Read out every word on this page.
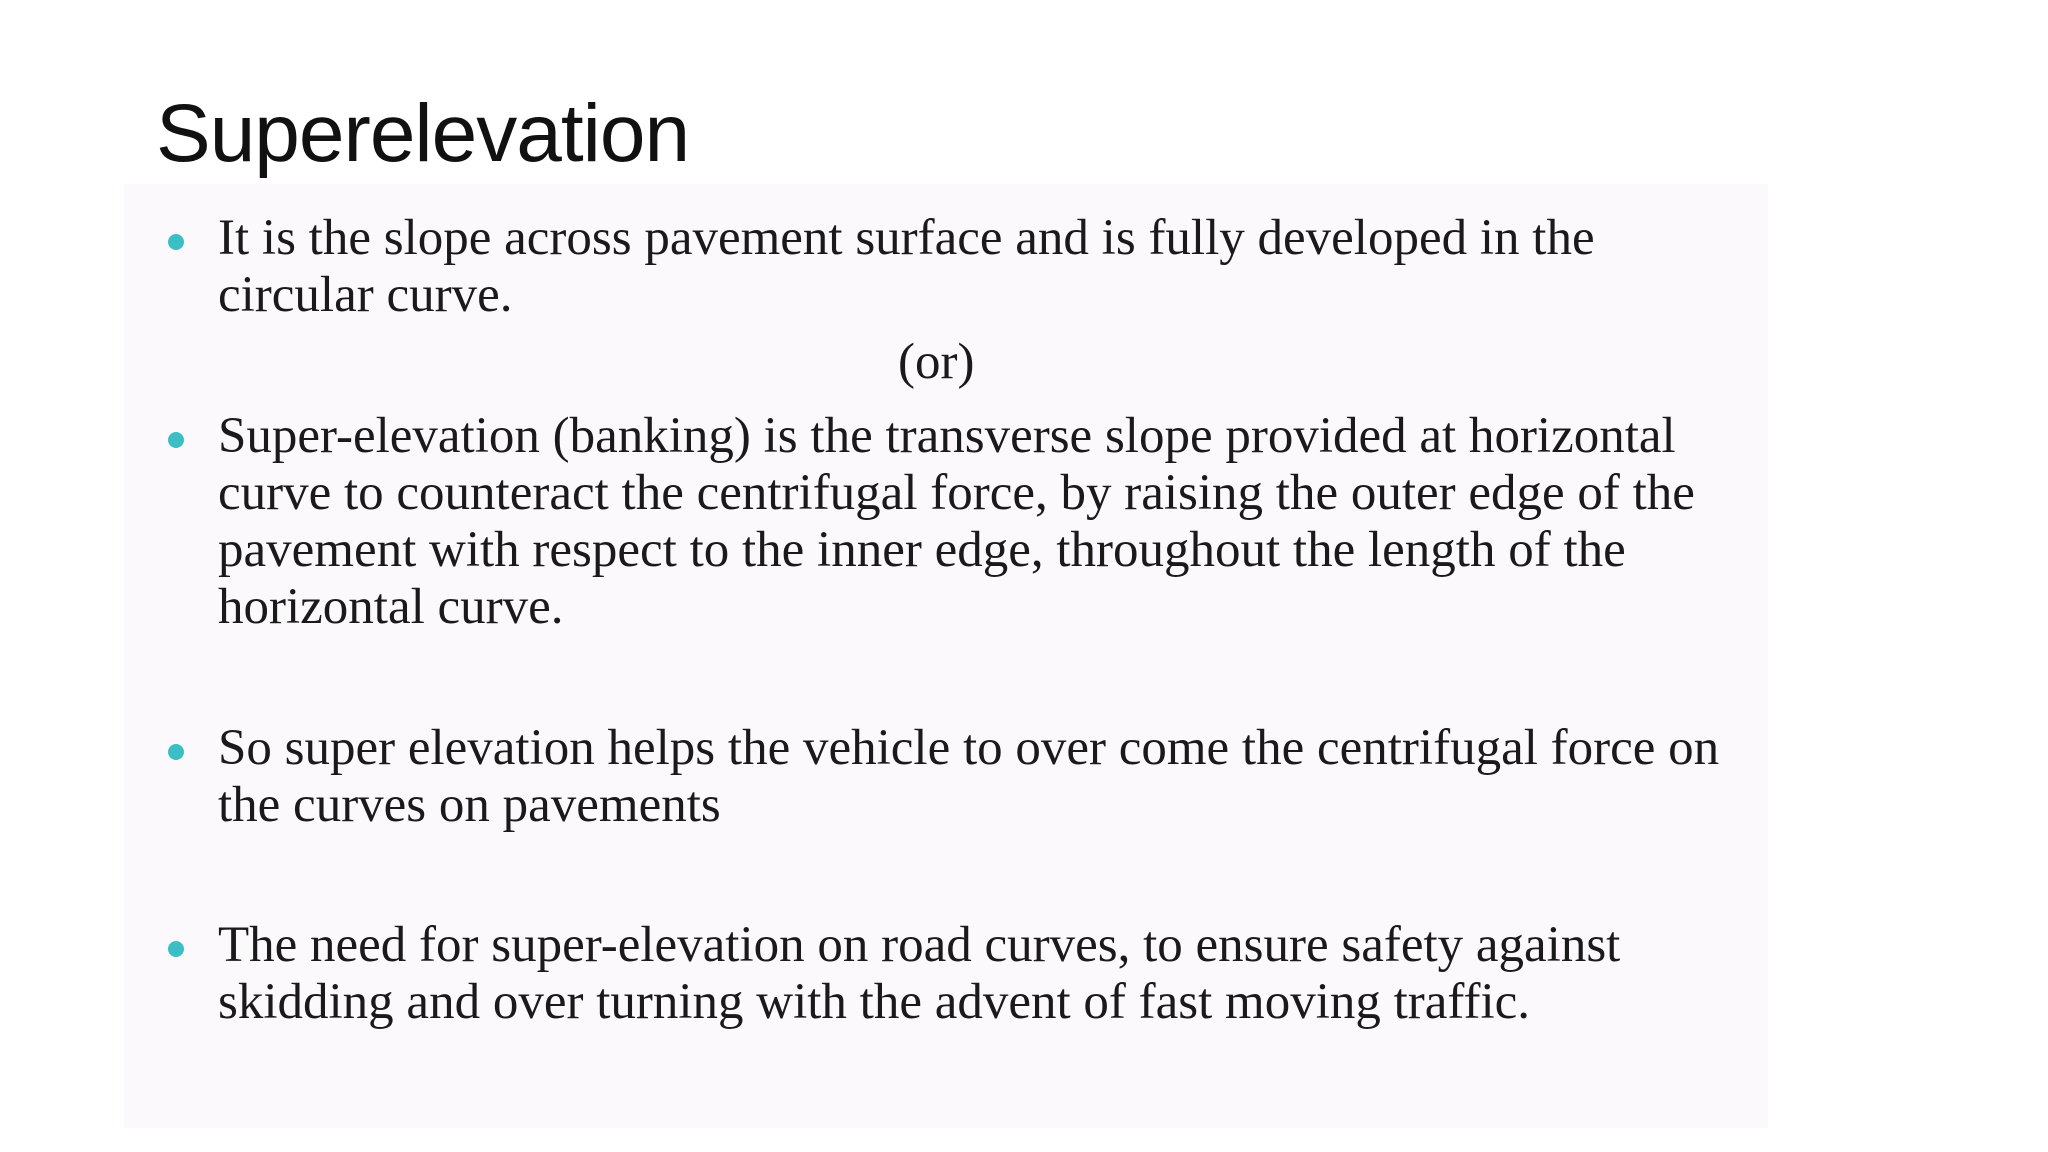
Superelevation
It is the slope across pavement surface and is fully developed in the circular curve.
(or)
Super-elevation (banking) is the transverse slope provided at horizontal curve to counteract the centrifugal force, by raising the outer edge of the pavement with respect to the inner edge, throughout the length of the horizontal curve.
So super elevation helps the vehicle to over come the centrifugal force on the curves on pavements
The need for super-elevation on road curves, to ensure safety against skidding and over turning with the advent of fast moving traffic.
